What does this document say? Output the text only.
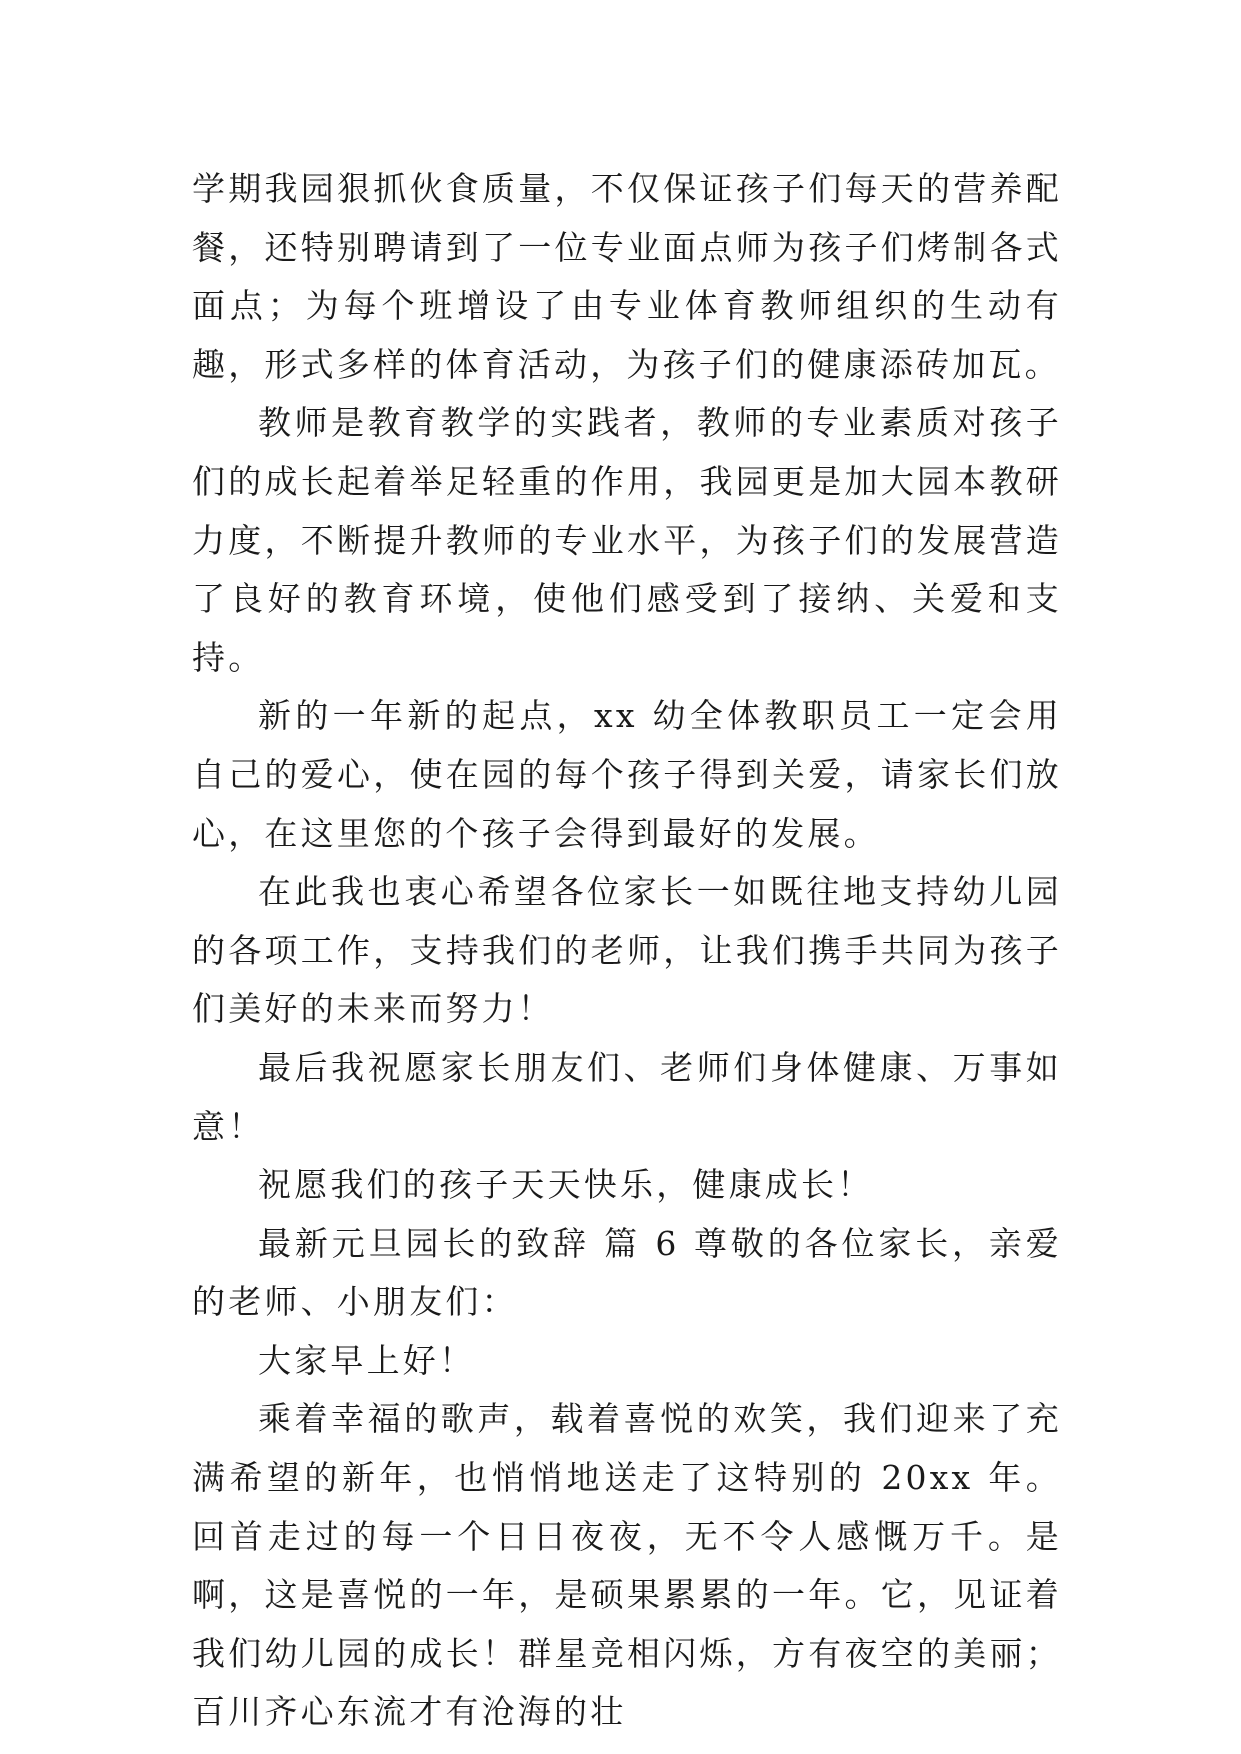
学期我园狠抓伙食质量，不仅保证孩子们每天的营养配餐，还特别聘请到了一位专业面点师为孩子们烤制各式面点；为每个班增设了由专业体育教师组织的生动有趣，形式多样的体育活动，为孩子们的健康添砖加瓦。

教师是教育教学的实践者，教师的专业素质对孩子们的成长起着举足轻重的作用，我园更是加大园本教研力度，不断提升教师的专业水平，为孩子们的发展营造了良好的教育环境，使他们感受到了接纳、关爱和支持。

新的一年新的起点，xx 幼全体教职员工一定会用自己的爱心，使在园的每个孩子得到关爱，请家长们放心，在这里您的个孩子会得到最好的发展。

在此我也衷心希望各位家长一如既往地支持幼儿园的各项工作，支持我们的老师，让我们携手共同为孩子们美好的未来而努力！

最后我祝愿家长朋友们、老师们身体健康、万事如意！

祝愿我们的孩子天天快乐，健康成长！

最新元旦园长的致辞 篇 6 尊敬的各位家长，亲爱的老师、小朋友们：

大家早上好！

乘着幸福的歌声，载着喜悦的欢笑，我们迎来了充满希望的新年，也悄悄地送走了这特别的 20xx 年。回首走过的每一个日日夜夜，无不令人感慨万千。是啊，这是喜悦的一年，是硕果累累的一年。它，见证着我们幼儿园的成长！群星竞相闪烁，方有夜空的美丽；百川齐心东流才有沧海的壮
